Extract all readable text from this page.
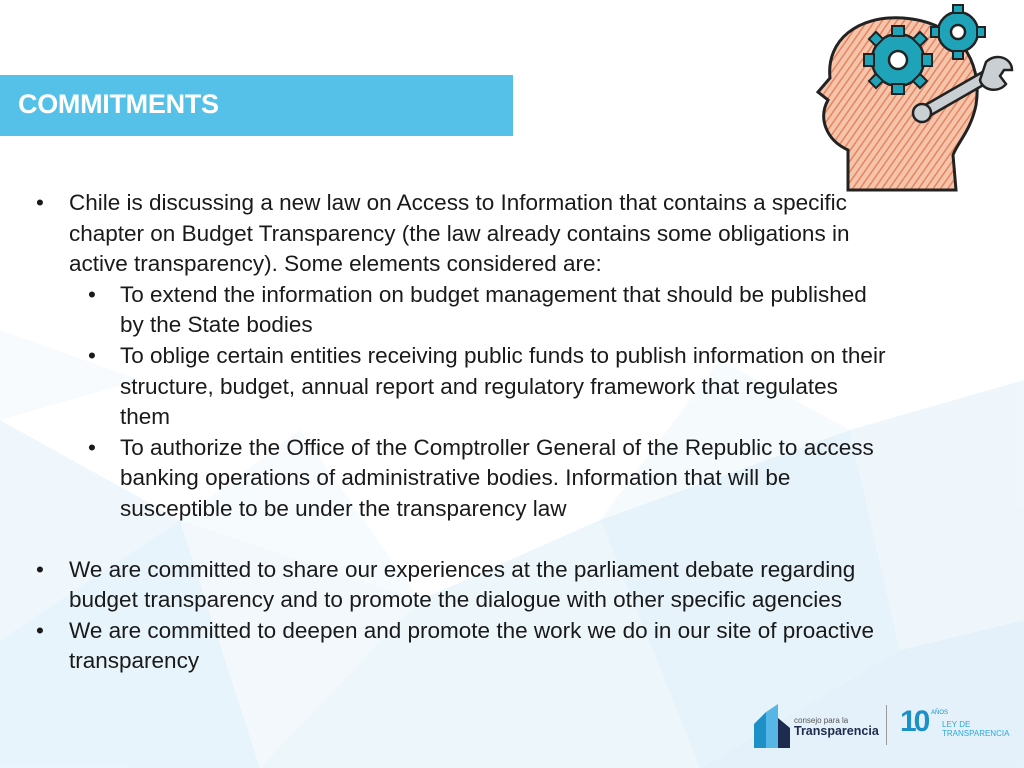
COMMITMENTS
• Chile is discussing a new law on Access to Information that contains a specific chapter on Budget Transparency (the law already contains some obligations in active transparency). Some elements considered are:
• To extend the information on budget management that should be published by the State bodies
• To oblige certain entities receiving public funds to publish information on their structure, budget, annual report and regulatory framework that regulates them
• To authorize the Office of the Comptroller General of the Republic to access banking operations of administrative bodies. Information that will be susceptible to be under the transparency law
• We are committed to share our experiences at the parliament debate regarding budget transparency and to promote the dialogue with other specific agencies
• We are committed to deepen and promote the work we do in our site of proactive transparency
consejo para la
Transparencia 10 AÑOS
LEY DE
TRANSPARENCIA
